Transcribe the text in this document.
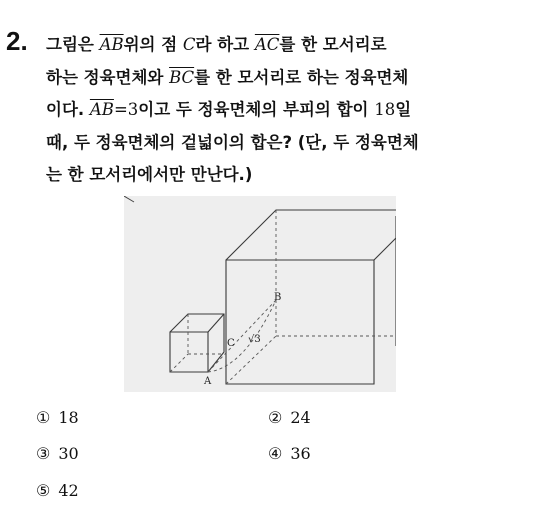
2. 그림은 $\overline{AB}$위의 점 C라 하고 $\overline{AC}$를 한 모서리로
하는 정육면체와 $\overline{BC}$를 한 모서리로 하는 정육면체
이다. $\overline{AB}=3$이고 두 정육면체의 부피의 합이 18일
때, 두 정육면체의 겉넓이의 합은? (단, 두 정육면체
는 한 모서리에서만 만난다.)
B
C
A
√3
① 18	② 24
③ 30	④ 36
⑤ 42
